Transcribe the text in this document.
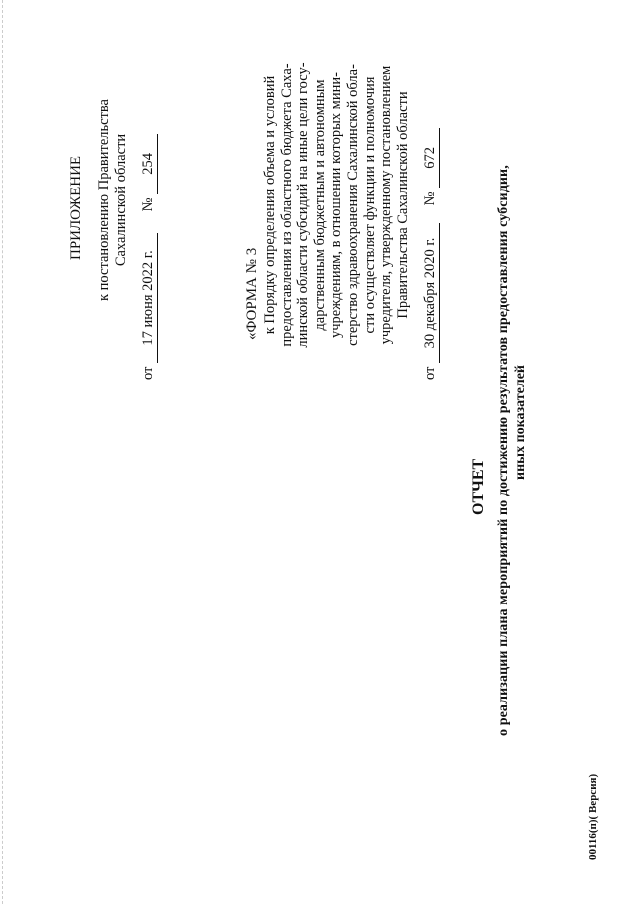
ПРИЛОЖЕНИЕ к постановлению Правительства Сахалинской области
от 17 июня 2022 г. № 254
«ФОРМА № 3 к Порядку определения объема и условий предоставления из областного бюджета Саха- линской области субсидий на иные цели госу- дарственным бюджетным и автономным учреждениям, в отношении которых мини- стерство здравоохранения Сахалинской обла- сти осуществляет функции и полномочия учредителя, утвержденному постановлением Правительства Сахалинской области
от 30 декабря 2020 г. № 672
ОТЧЕТ о реализации плана мероприятий по достижению результатов предоставления субсидии, иных показателей
00116(п)( Версия)
